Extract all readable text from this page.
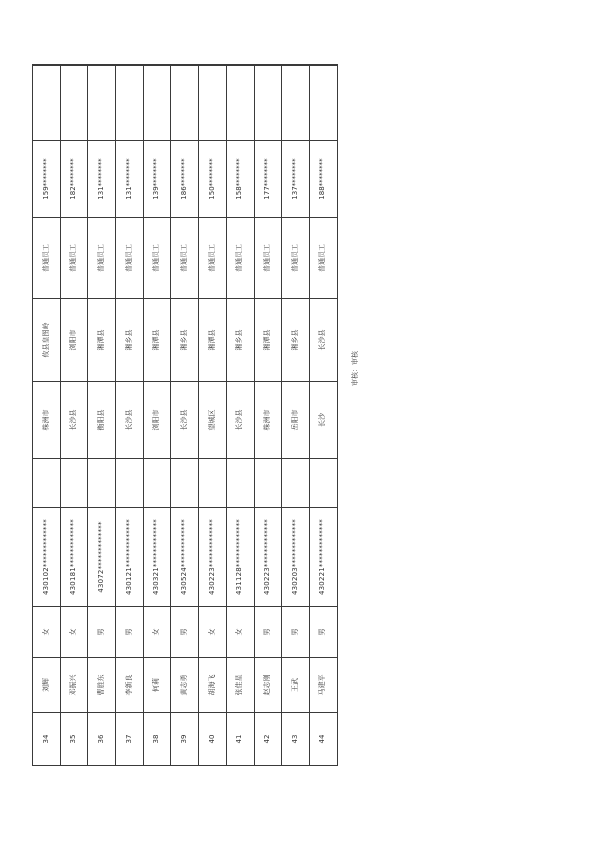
34	刘辉	女	430102*************		株洲市	攸县皇图岭	普通员工	159********		
35	邓振兴	女	430181*************		长沙县	浏阳市	普通员工	182********		
36	曹胜东	男	43072*************		衡阳县	湘潭县	普通员工	131********		
37	李新良	男	430121*************		长沙县	湘乡县	普通员工	131********		
38	何莉	女	430321*************		浏阳市	湘潭县	普通员工	139********		
39	黄志勇	男	430524*************		长沙县	湘乡县	普通员工	186********		
40	胡海飞	女	430223*************		望城区	湘潭县	普通员工	150********		
41	张佳星	女	431128*************		长沙县	湘乡县	普通员工	158********		
42	赵志刚	男	430223*************		株洲市	湘潭县	普通员工	177********		
43	王武	男	430203*************		岳阳市	湘乡县	普通员工	137********		
44	马建平	男	430221*************		长沙	长沙县	普通员工	188********		
审核：审核
